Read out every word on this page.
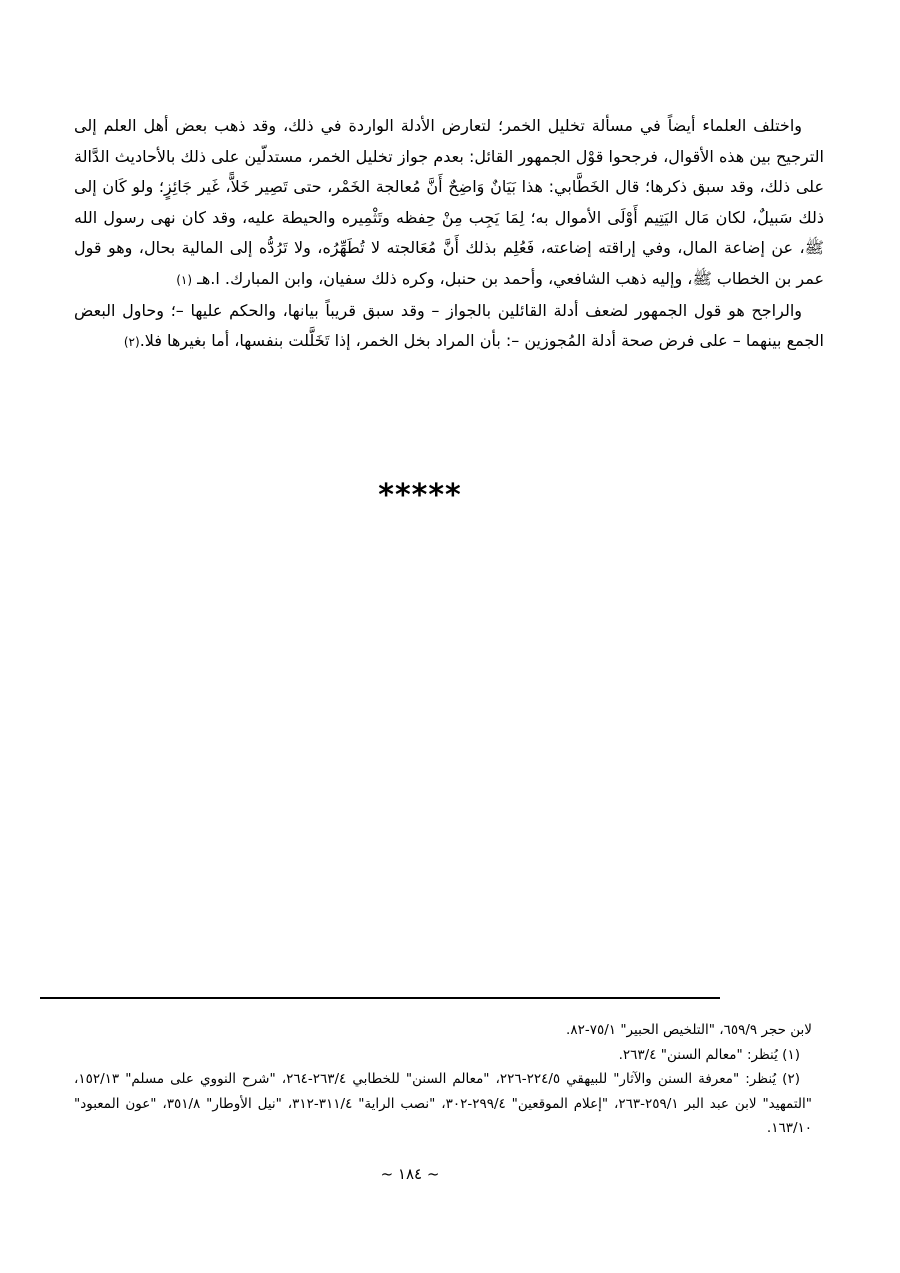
واختلف العلماء أيضاً في مسألة تخليل الخمر؛ لتعارض الأدلة الواردة في ذلك، وقد ذهب بعض أهل العلم إلى الترجيح بين هذه الأقوال، فرجحوا قوْل الجمهور القائل: بعدم جواز تخليل الخمر، مستدلّين على ذلك بالأحاديث الدَّالة على ذلك، وقد سبق ذكرها؛ قال الخَطَّابي: هذا بَيَانٌ وَاضِحٌ أَنَّ مُعالجة الخَمْر، حتى تَصِير خَلاًّ، غَير جَائِزٍ؛ ولو كَان إلى ذلك سَبيلٌ، لكان مَال اليَتِيم أَوْلَى الأموال به؛ لِمَا يَجِب مِنْ حِفظه وتَثْمِيره والحيطة عليه، وقد كان نهى رسول الله ﷺ، عن إضاعة المال، وفي إراقته إضاعته، فَعُلِم بذلك أَنَّ مُعَالجته لا تُطَهِّرُه، ولا تَرُدُّه إلى المالية بحال، وهو قول عمر بن الخطاب ﷺ، وإليه ذهب الشافعي، وأحمد بن حنبل، وكره ذلك سفيان، وابن المبارك. ا.هـ (١)

والراجح هو قول الجمهور لضعف أدلة القائلين بالجواز – وقد سبق قريباً بيانها، والحكم عليها –؛ وحاول البعض الجمع بينهما – على فرض صحة أدلة المُجوزين –: بأن المراد بخل الخمر، إذا تَخَلَّلت بنفسها، أما بغيرها فلا.(٢)

*****

لابن حجر ٦٥٩/٩، "التلخيص الحبير" ٧٥/١-٨٢.

(١) يُنظر: "معالم السنن" ٢٦٣/٤.

(٢) يُنظر: "معرفة السنن والآثار" للبيهقي ٢٢٤/٥-٢٢٦، "معالم السنن" للخطابي ٢٦٣/٤-٢٦٤، "شرح النووي على مسلم" ١٥٢/١٣، "التمهيد" لابن عبد البر ٢٥٩/١-٢٦٣، "إعلام الموقعين" ٢٩٩/٤-٣٠٢، "نصب الراية" ٣١١/٤-٣١٢، "نيل الأوطار" ٣٥١/٨، "عون المعبود" ١٦٣/١٠.

~ ١٨٤ ~
